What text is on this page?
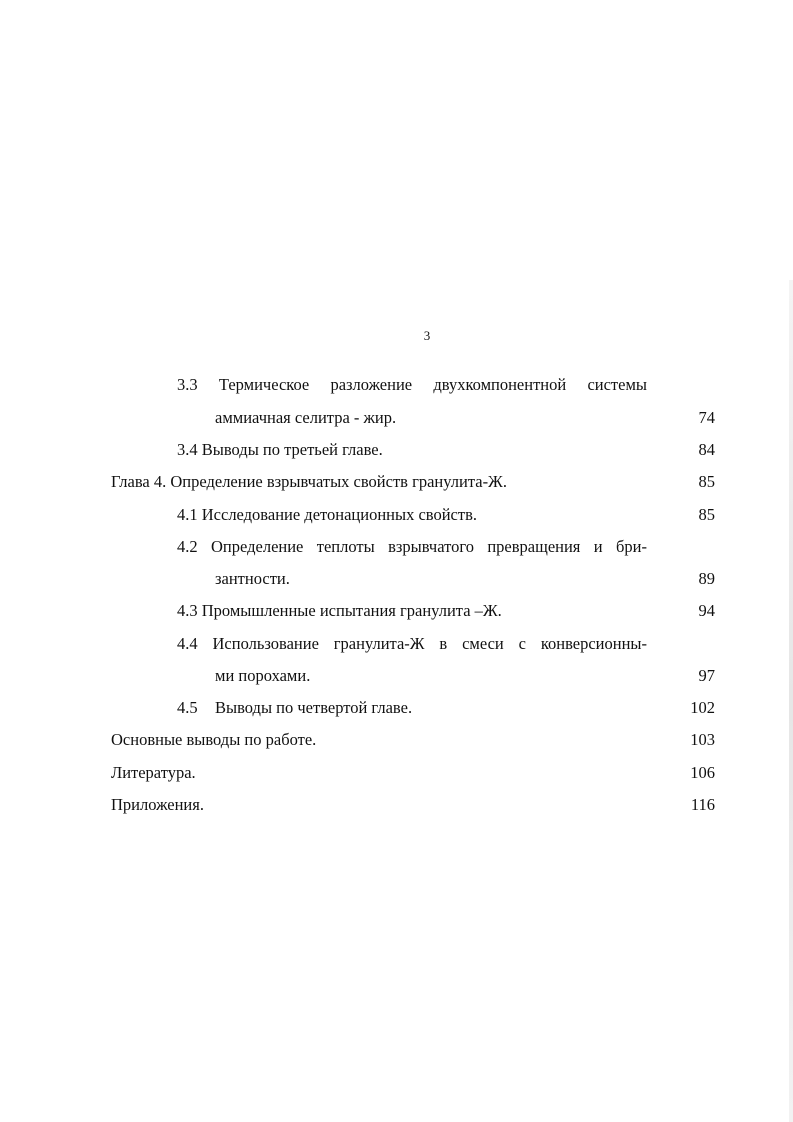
3
3.3 Термическое разложение двухкомпонентной системы
аммиачная селитра - жир.	74
3.4 Выводы по третьей главе.	84
Глава 4. Определение взрывчатых свойств гранулита-Ж.	85
4.1 Исследование детонационных свойств.	85
4.2 Определение теплоты взрывчатого превращения и бри-
зантности.	89
4.3 Промышленные испытания гранулита –Ж.	94
4.4 Использование гранулита-Ж в смеси с конверсионны-
ми порохами.	97
4.5 Выводы по четвертой главе.	102
Основные выводы по работе.	103
Литература.	106
Приложения.	116
